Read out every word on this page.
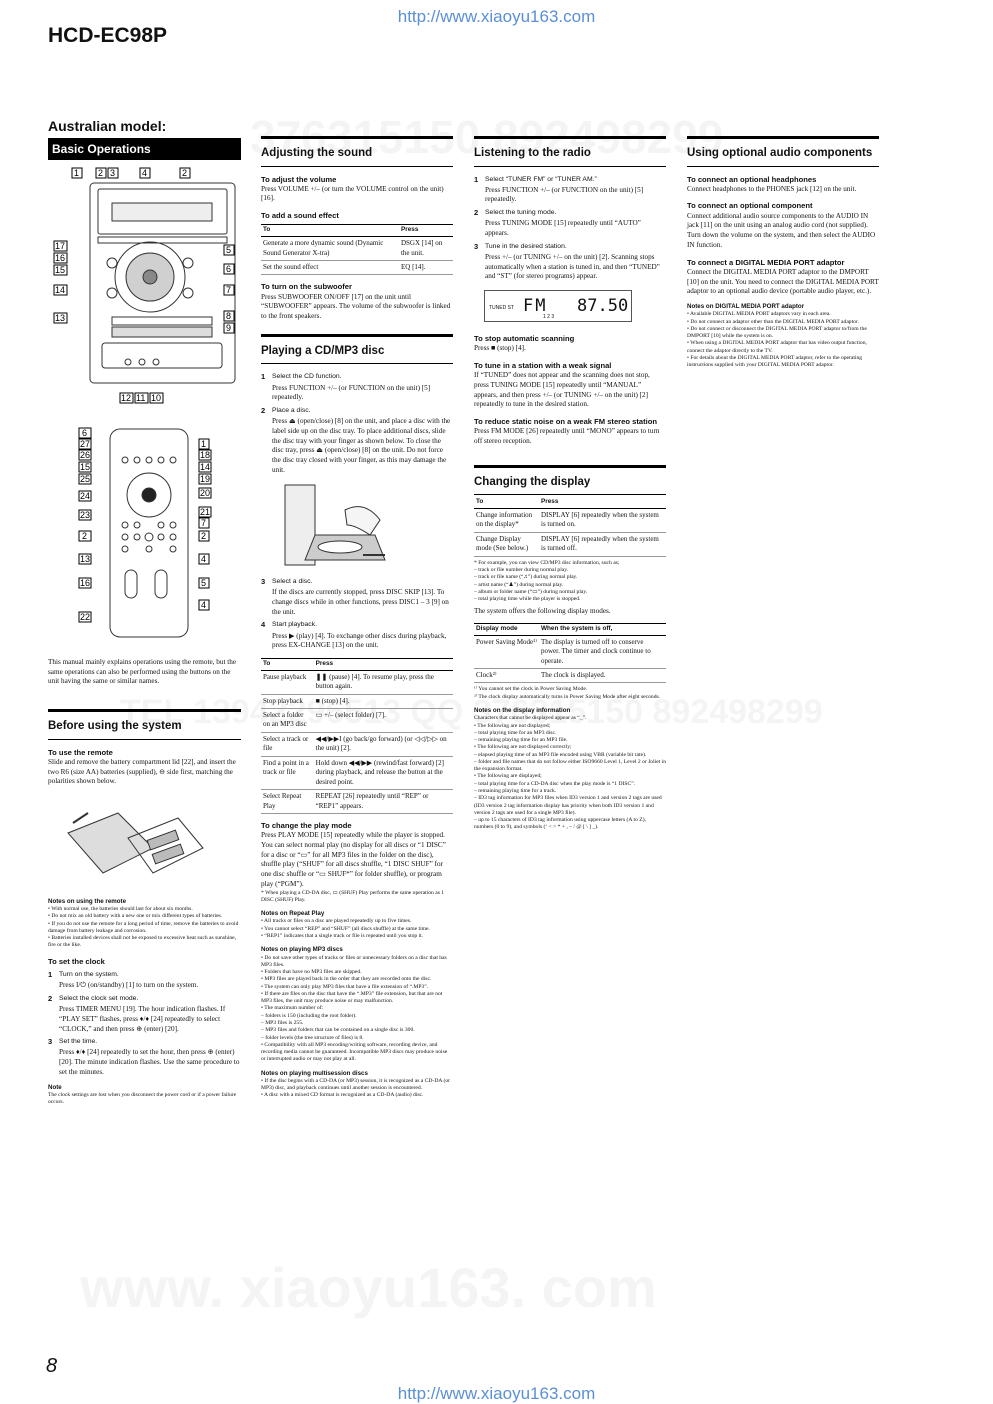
http://www.xiaoyu163.com
HCD-EC98P
Australian model:
Basic Operations
1 2 3	4	2
17
16
15
14
13
5
6
7
8
9
12 11 10
6
27
26
15
25
24
23
2
13
16
22
1
18
14
19
20
21
7
2
4
5
4

This manual mainly explains operations using the remote, but the same operations can also be performed using the buttons on the unit having the same or similar names.

Before using the system
To use the remote

Slide and remove the battery compartment lid [22], and insert the two R6 (size AA) batteries (supplied), ⊖ side first, matching the polarities shown below.

Notes on using the remote

• With normal use, the batteries should last for about six months.

• Do not mix an old battery with a new one or mix different types of batteries.

• If you do not use the remote for a long period of time, remove the batteries to avoid damage from battery leakage and corrosion.

• Batteries installed devices shall not be exposed to excessive heat such as sunshine, fire or the like.

To set the clock
1	Turn on the system.

Press I/⏻ (on/standby) [1] to turn on the system.

2	Select the clock set mode.

Press TIMER MENU [19]. The hour indication flashes. If “PLAY SET” flashes, press ♦/♦ [24] repeatedly to select “CLOCK,” and then press ⊕ (enter) [20].

3	Set the time.

Press ♦/♦ [24] repeatedly to set the hour, then press ⊕ (enter) [20]. The minute indication flashes. Use the same procedure to set the minutes.

Note

The clock settings are lost when you disconnect the power cord or if a power failure occurs.

Adjusting the sound
To adjust the volume

Press VOLUME +/– (or turn the VOLUME control on the unit) [16].

To add a sound effect
To	Press
Generate a more dynamic sound (Dynamic Sound Generator X-tra)	DSGX [14] on the unit.
Set the sound effect	EQ [14].
To turn on the subwoofer

Press SUBWOOFER ON/OFF [17] on the unit until “SUBWOOFER” appears. The volume of the subwoofer is linked to the front speakers.

Playing a CD/MP3 disc
1	Select the CD function.

Press FUNCTION +/– (or FUNCTION on the unit) [5] repeatedly.

2	Place a disc.

Press ⏏ (open/close) [8] on the unit, and place a disc with the label side up on the disc tray. To place additional discs, slide the disc tray with your finger as shown below. To close the disc tray, press ⏏ (open/close) [8] on the unit. Do not force the disc tray closed with your finger, as this may damage the unit.

3	Select a disc.

If the discs are currently stopped, press DISC SKIP [13]. To change discs while in other functions, press DISC1 – 3 [9] on the unit.

4	Start playback.

Press ▶ (play) [4]. To exchange other discs during playback, press EX-CHANGE [13] on the unit.

To	Press
Pause playback	❚❚ (pause) [4]. To resume play, press the button again.
Stop playback	■ (stop) [4].
Select a folder on an MP3 disc	▭ +/– (select folder) [7].
Select a track or file	◀◀/▶▶I (go back/go forward) (or ◁◁/▷▷ on the unit) [2].
Find a point in a track or file	Hold down ◀◀/▶▶ (rewind/fast forward) [2] during playback, and release the button at the desired point.
Select Repeat Play	REPEAT [26] repeatedly until “REP” or “REP1” appears.
To change the play mode

Press PLAY MODE [15] repeatedly while the player is stopped. You can select normal play (no display for all discs or “1 DISC” for a disc or “▭” for all MP3 files in the folder on the disc), shuffle play (“SHUF” for all discs shuffle, “1 DISC SHUF” for one disc shuffle or “▭ SHUF*” for folder shuffle), or program play (“PGM”).

* When playing a CD-DA disc, ▭ (SHUF) Play performs the same operation as 1 DISC (SHUF) Play.

Notes on Repeat Play

• All tracks or files on a disc are played repeatedly up to five times.

• You cannot select “REP” and “SHUF” (all discs shuffle) at the same time.

• “REP1” indicates that a single track or file is repeated until you stop it.

Notes on playing MP3 discs

• Do not save other types of tracks or files or unnecessary folders on a disc that has MP3 files.

• Folders that have no MP3 files are skipped.

• MP3 files are played back in the order that they are recorded onto the disc.

• The system can only play MP3 files that have a file extension of “.MP3”.

• If there are files on the disc that have the “.MP3” file extension, but that are not MP3 files, the unit may produce noise or may malfunction.

• The maximum number of:

– folders is 150 (including the root folder).

– MP3 files is 255.

– MP3 files and folders that can be contained on a single disc is 300.

– folder levels (the tree structure of files) is 8.

• Compatibility with all MP3 encoding/writing software, recording device, and recording media cannot be guaranteed. Incompatible MP3 discs may produce noise or interrupted audio or may not play at all.

Notes on playing multisession discs

• If the disc begins with a CD-DA (or MP3) session, it is recognized as a CD-DA (or MP3) disc, and playback continues until another session is encountered.

• A disc with a mixed CD format is recognized as a CD-DA (audio) disc.

Listening to the radio
1	Select “TUNER FM” or “TUNER AM.”

Press FUNCTION +/– (or FUNCTION on the unit) [5] repeatedly.

2	Select the tuning mode.

Press TUNING MODE [15] repeatedly until “AUTO” appears.

3	Tune in the desired station.

Press +/– (or TUNING +/– on the unit) [2]. Scanning stops automatically when a station is tuned in, and then “TUNED” and “ST” (for stereo programs) appear.

TUNED ST FM 87.50
1 2 3
To stop automatic scanning

Press ■ (stop) [4].

To tune in a station with a weak signal

If “TUNED” does not appear and the scanning does not stop, press TUNING MODE [15] repeatedly until “MANUAL” appears, and then press +/– (or TUNING +/– on the unit) [2] repeatedly to tune in the desired station.

To reduce static noise on a weak FM stereo station

Press FM MODE [26] repeatedly until “MONO” appears to turn off stereo reception.

Changing the display
To	Press
Change information on the display*	DISPLAY [6] repeatedly when the system is turned on.
Change Display mode (See below.)	DISPLAY [6] repeatedly when the system is turned off.

* For example, you can view CD/MP3 disc information, such as;

– track or file number during normal play.

– track or file name (“♫”) during normal play.

– artist name (“♟”) during normal play.

– album or folder name (“▭”) during normal play.

– total playing time while the player is stopped.

The system offers the following display modes.

Display mode	When the system is off,
Power Saving Mode¹⁾	The display is turned off to conserve power. The timer and clock continue to operate.
Clock²⁾	The clock is displayed.

¹⁾ You cannot set the clock in Power Saving Mode.

²⁾ The clock display automatically turns in Power Saving Mode after eight seconds.

Notes on the display information

Characters that cannot be displayed appear as “_”.

• The following are not displayed;

– total playing time for an MP3 disc.

– remaining playing time for an MP3 file.

• The following are not displayed correctly;

– elapsed playing time of an MP3 file encoded using VBR (variable bit rate).

– folder and file names that do not follow either ISO9660 Level 1, Level 2 or Joliet in the expansion format.

• The following are displayed;

– total playing time for a CD-DA disc when the play mode is “1 DISC”.

– remaining playing time for a track.

– ID3 tag information for MP3 files when ID3 version 1 and version 2 tags are used (ID3 version 2 tag information display has priority when both ID3 version 1 and version 2 tags are used for a single MP3 file).

– up to 15 characters of ID3 tag information using uppercase letters (A to Z), numbers (0 to 9), and symbols (‘ < > * + , – / @ [ \ ] _).

Using optional audio components
To connect an optional headphones

Connect headphones to the PHONES jack [12] on the unit.

To connect an optional component

Connect additional audio source components to the AUDIO IN jack [11] on the unit using an analog audio cord (not supplied). Turn down the volume on the system, and then select the AUDIO IN function.

To connect a DIGITAL MEDIA PORT adaptor

Connect the DIGITAL MEDIA PORT adaptor to the DMPORT [10] on the unit. You need to connect the DIGITAL MEDIA PORT adaptor to an optional audio device (portable audio player, etc.).

Notes on DIGITAL MEDIA PORT adaptor

• Available DIGITAL MEDIA PORT adaptors vary in each area.

• Do not connect an adaptor other than the DIGITAL MEDIA PORT adaptor.

• Do not connect or disconnect the DIGITAL MEDIA PORT adaptor to/from the DMPORT [10] while the system is on.

• When using a DIGITAL MEDIA PORT adaptor that has video output function, connect the adaptor directly to the TV.

• For details about the DIGITAL MEDIA PORT adaptor, refer to the operating instructions supplied with your DIGITAL MEDIA PORT adaptor.

8
http://www.xiaoyu163.com
